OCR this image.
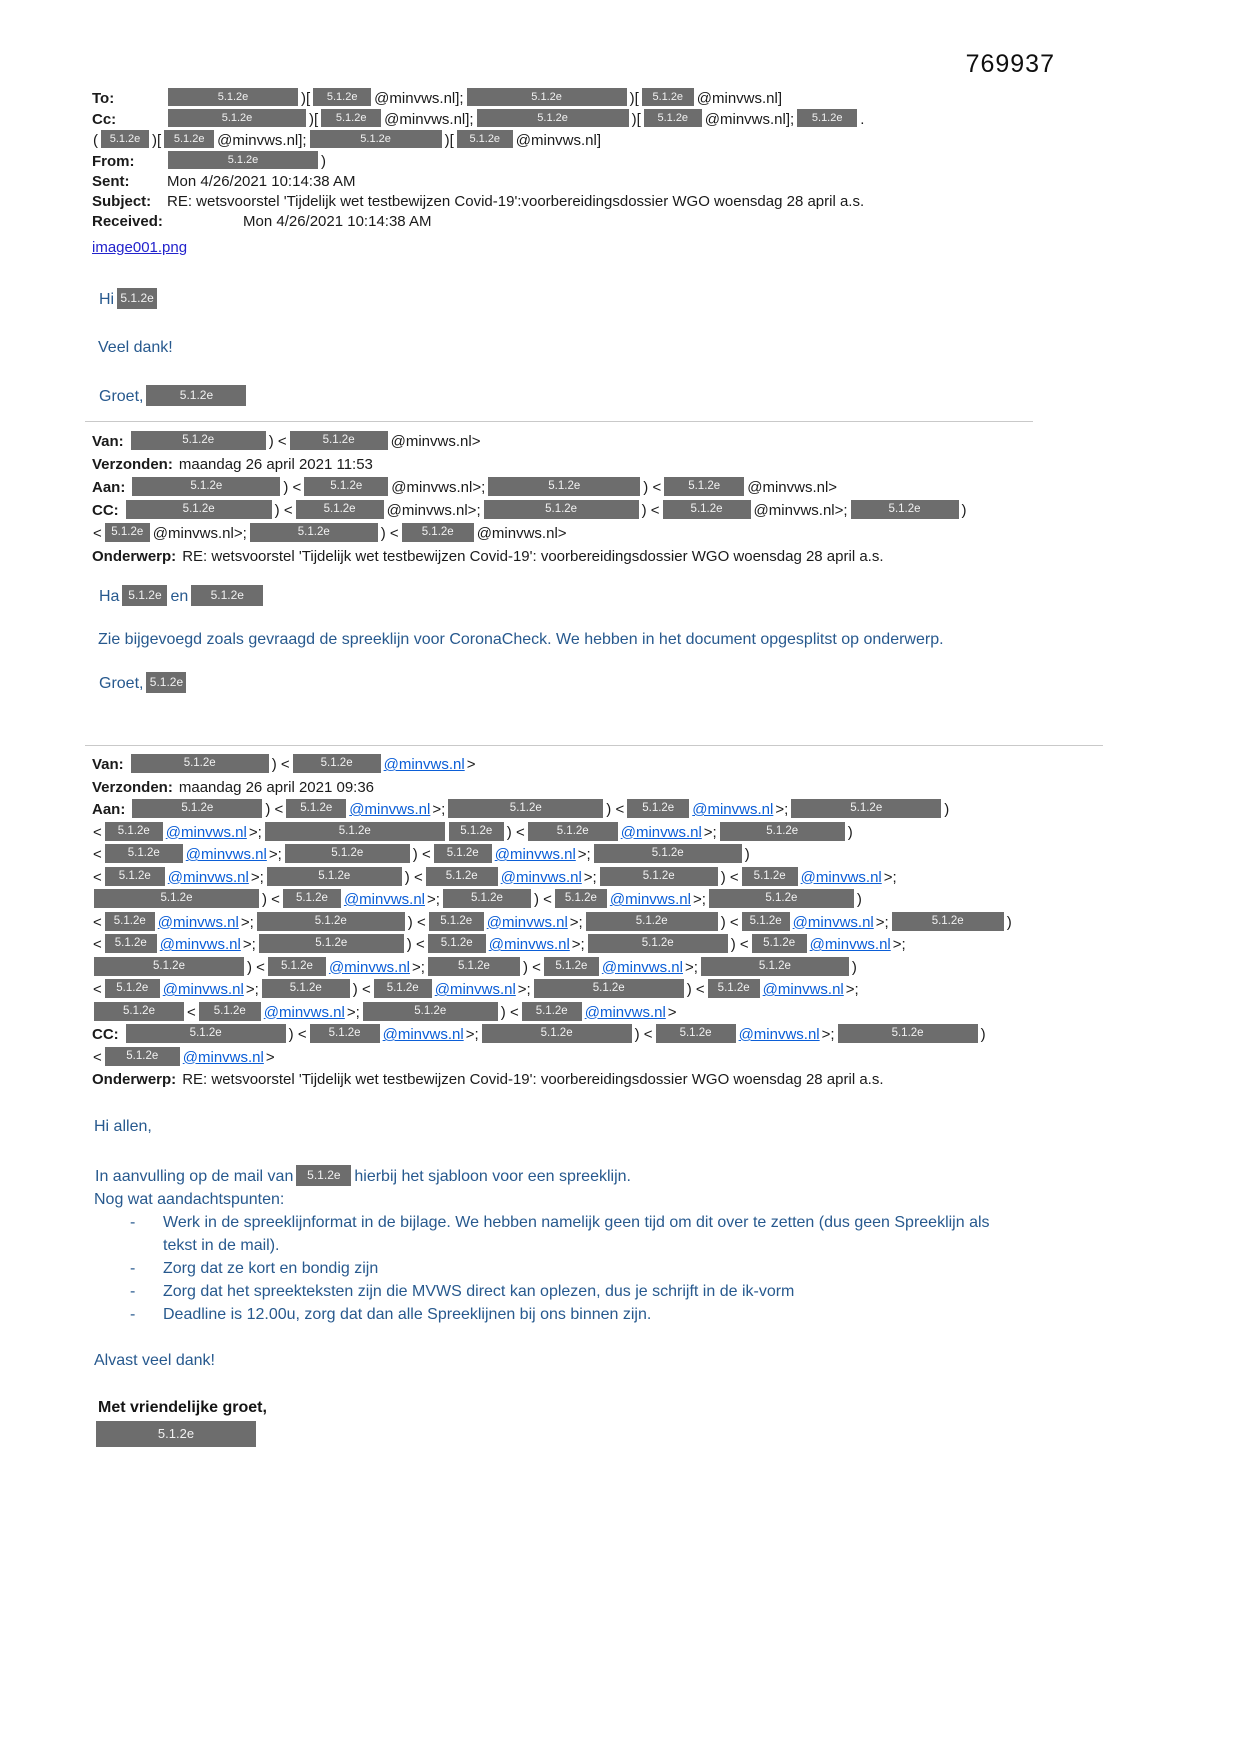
769937
To:	5.1.2e	)[ 5.1.2e @minvws.nl];	5.1.2e	)[ 5.1.2e @minvws.nl]
Cc:	5.1.2e	)[ 5.1.2e @minvws.nl];	5.1.2e	)[ 5.1.2e @minvws.nl]; 5.1.2e .
( 5.1.2e )[ 5.1.2e @minvws.nl];	5.1.2e	)[ 5.1.2e @minvws.nl]
From:	5.1.2e	)
Sent:	Mon 4/26/2021 10:14:38 AM
Subject: RE: wetsvoorstel 'Tijdelijk wet testbewijzen Covid-19':voorbereidingsdossier WGO woensdag 28 april a.s.
Received:	Mon 4/26/2021 10:14:38 AM
image001.png

Hi 5.1.2e

Veel dank!

Groet,	5.1.2e

Van:	5.1.2e	) <	5.1.2e @minvws.nl>
Verzonden: maandag 26 april 2021 11:53
Aan:	5.1.2e	) <	5.1.2e @minvws.nl>;	5.1.2e	) < 5.1.2e @minvws.nl>
CC:	5.1.2e	) <	5.1.2e @minvws.nl>;	5.1.2e	) <	5.1.2e @minvws.nl>;	5.1.2e	)
< 5.1.2e @minvws.nl>;	5.1.2e	) < 5.1.2e @minvws.nl>
Onderwerp: RE: wetsvoorstel 'Tijdelijk wet testbewijzen Covid-19': voorbereidingsdossier WGO woensdag 28 april a.s.

Ha 5.1.2e en 5.1.2e

Zie bijgevoegd zoals gevraagd de spreeklijn voor CoronaCheck. We hebben in het document opgesplitst op onderwerp.

Groet, 5.1.2e

Van:	5.1.2e	) <	5.1.2e @minvws.nl >
Verzonden: maandag 26 april 2021 09:36
Aan:	5.1.2e	) < 5.1.2e @minvws.nl >;	5.1.2e	) < 5.1.2e @minvws.nl >;	5.1.2e	)
< 5.1.2e @minvws.nl >;	5.1.2e	5.1.2e ) <	5.1.2e @minvws.nl >;	5.1.2e	)
< 5.1.2e @minvws.nl >;	5.1.2e	) < 5.1.2e @minvws.nl >;	5.1.2e	)
< 5.1.2e @minvws.nl >;	5.1.2e	) < 5.1.2e @minvws.nl >;	5.1.2e	) < 5.1.2e @minvws.nl >;
5.1.2e	) < 5.1.2e @minvws.nl >;	5.1.2e ) < 5.1.2e @minvws.nl >;	5.1.2e	)
< 5.1.2e @minvws.nl >;	5.1.2e	) < 5.1.2e @minvws.nl >;	5.1.2e	) < 5.1.2e @minvws.nl >;	5.1.2e	)
< 5.1.2e @minvws.nl >;	5.1.2e	) < 5.1.2e @minvws.nl >;	5.1.2e	) < 5.1.2e @minvws.nl >;
5.1.2e	) < 5.1.2e @minvws.nl >;	5.1.2e ) < 5.1.2e @minvws.nl >;	5.1.2e	)
< 5.1.2e @minvws.nl >;	5.1.2e ) < 5.1.2e @minvws.nl >;	5.1.2e	) < 5.1.2e @minvws.nl >;
5.1.2e < 5.1.2e @minvws.nl >;	5.1.2e	) < 5.1.2e @minvws.nl >
CC:	5.1.2e	) < 5.1.2e @minvws.nl >;	5.1.2e	) < 5.1.2e @minvws.nl >;	5.1.2e	)
< 5.1.2e @minvws.nl >
Onderwerp: RE: wetsvoorstel 'Tijdelijk wet testbewijzen Covid-19': voorbereidingsdossier WGO woensdag 28 april a.s.

Hi allen,

In aanvulling op de mail van 5.1.2e hierbij het sjabloon voor een spreeklijn.

Nog wat aandachtspunten:

-	Werk in de spreeklijnformat in de bijlage. We hebben namelijk geen tijd om dit over te zetten (dus geen Spreeklijn als tekst in de mail).
-	Zorg dat ze kort en bondig zijn
-	Zorg dat het spreekteksten zijn die MVWS direct kan oplezen, dus je schrijft in de ik-vorm
-	Deadline is 12.00u, zorg dat dan alle Spreeklijnen bij ons binnen zijn.

Alvast veel dank!

Met vriendelijke groet,

5.1.2e
